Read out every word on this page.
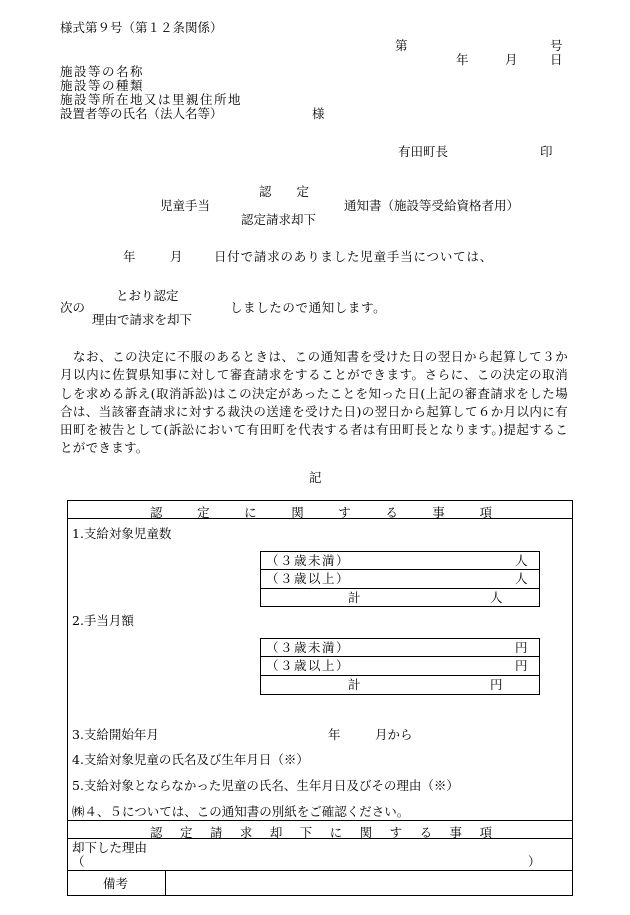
様式第９号（第１２条関係）
第	号
年	月	日
施設等の名称
施設等の種類
施設等所在地又は里親住所地
設置者等の氏名（法人名等）	様
有田町長	印
認　　定
児童手当	通知書（施設等受給資格者用）
認定請求却下
年	月	日付で請求のありました児童手当については、
とおり認定
次の	しましたので通知します。
理由で請求を却下
なお、この決定に不服のあるときは、この通知書を受けた日の翌日から起算して３か月以内に佐賀県知事に対して審査請求をすることができます。さらに、この決定の取消しを求める訴え(取消訴訟)はこの決定があったことを知った日(上記の審査請求をした場合は、当該審査請求に対する裁決の送達を受けた日)の翌日から起算して６か月以内に有田町を被告として(訴訟において有田町を代表する者は有田町長となります。)提起することができます。
記
認	定	に	関	す	る	事	項
1.支給対象児童数
（３歳未満）	人
（３歳以上）	人
計	人
2.手当月額
（３歳未満）	円
（３歳以上）	円
計	円
3.支給開始年月	年	月から
4.支給対象児童の氏名及び生年月日（※）
5.支給対象とならなかった児童の氏名、生年月日及びその理由（※）
㈱４、５については、この通知書の別紙をご確認ください。
認 定 請 求 却 下 に 関 す る 事 項
却下した理由
（	）
備考
